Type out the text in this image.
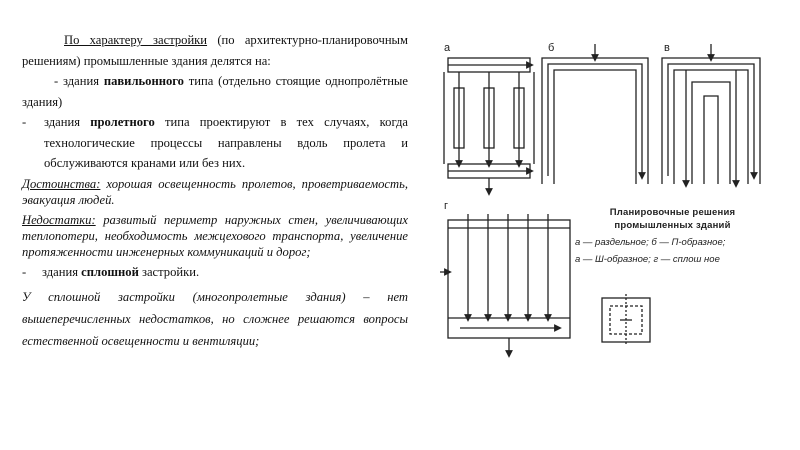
По характеру застройки (по архитектурно-планировочным решениям) промышленные здания делятся на:

- здания павильонного типа (отдельно стоящие однопролётные здания)

- здания пролетного типа проектируют в тех случаях, когда технологические процессы направлены вдоль пролета и обслуживаются кранами или без них.

Достоинства: хорошая освещенность пролетов, проветриваемость, эвакуация людей.

Недостатки: развитый периметр наружных стен, увеличивающих теплопотери, необходимость межцехового транспорта, увеличение протяженности инженерных коммуникаций и дорог;

- здания сплошной застройки.

У сплошной застройки (многопролетные здания) – нет вышеперечисленных недостатков, но сложнее решаются вопросы естественной освещенности и вентиляции;

а	б	в
г
Планировочные решения промышленных зданий
а — раздельное; б — П-образное;
а — Ш-образное; г — сплош ное
